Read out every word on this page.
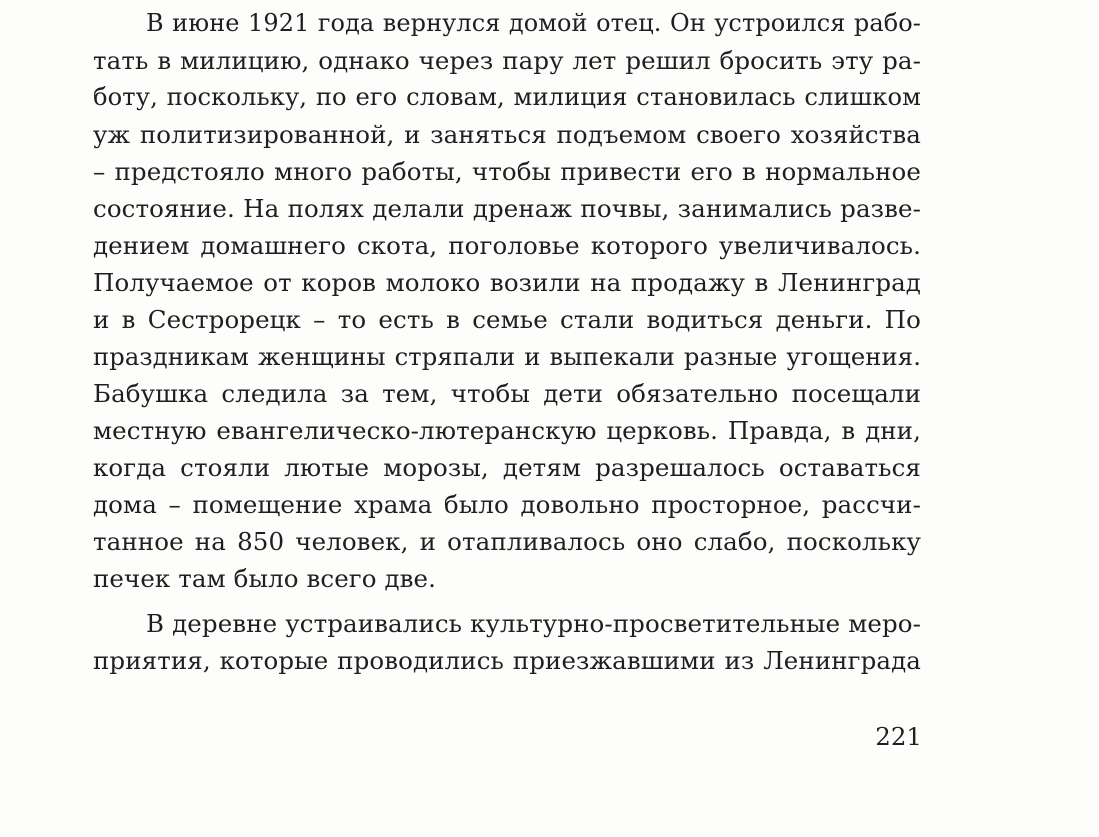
В июне 1921 года вернулся домой отец. Он устроился рабо-
тать в милицию, однако через пару лет решил бросить эту ра-
боту, поскольку, по его словам, милиция становилась слишком
уж политизированной, и заняться подъемом своего хозяйства
– предстояло много работы, чтобы привести его в нормальное
состояние. На полях делали дренаж почвы, занимались разве-
дением домашнего скота, поголовье которого увеличивалось.
Получаемое от коров молоко возили на продажу в Ленинград
и в Сестрорецк – то есть в семье стали водиться деньги. По
праздникам женщины стряпали и выпекали разные угощения.
Бабушка следила за тем, чтобы дети обязательно посещали
местную евангелическо-лютеранскую церковь. Правда, в дни,
когда стояли лютые морозы, детям разрешалось оставаться
дома – помещение храма было довольно просторное, рассчи-
танное на 850 человек, и отапливалось оно слабо, поскольку
печек там было всего две.
В деревне устраивались культурно-просветительные меро-
приятия, которые проводились приезжавшими из Ленинграда
221
